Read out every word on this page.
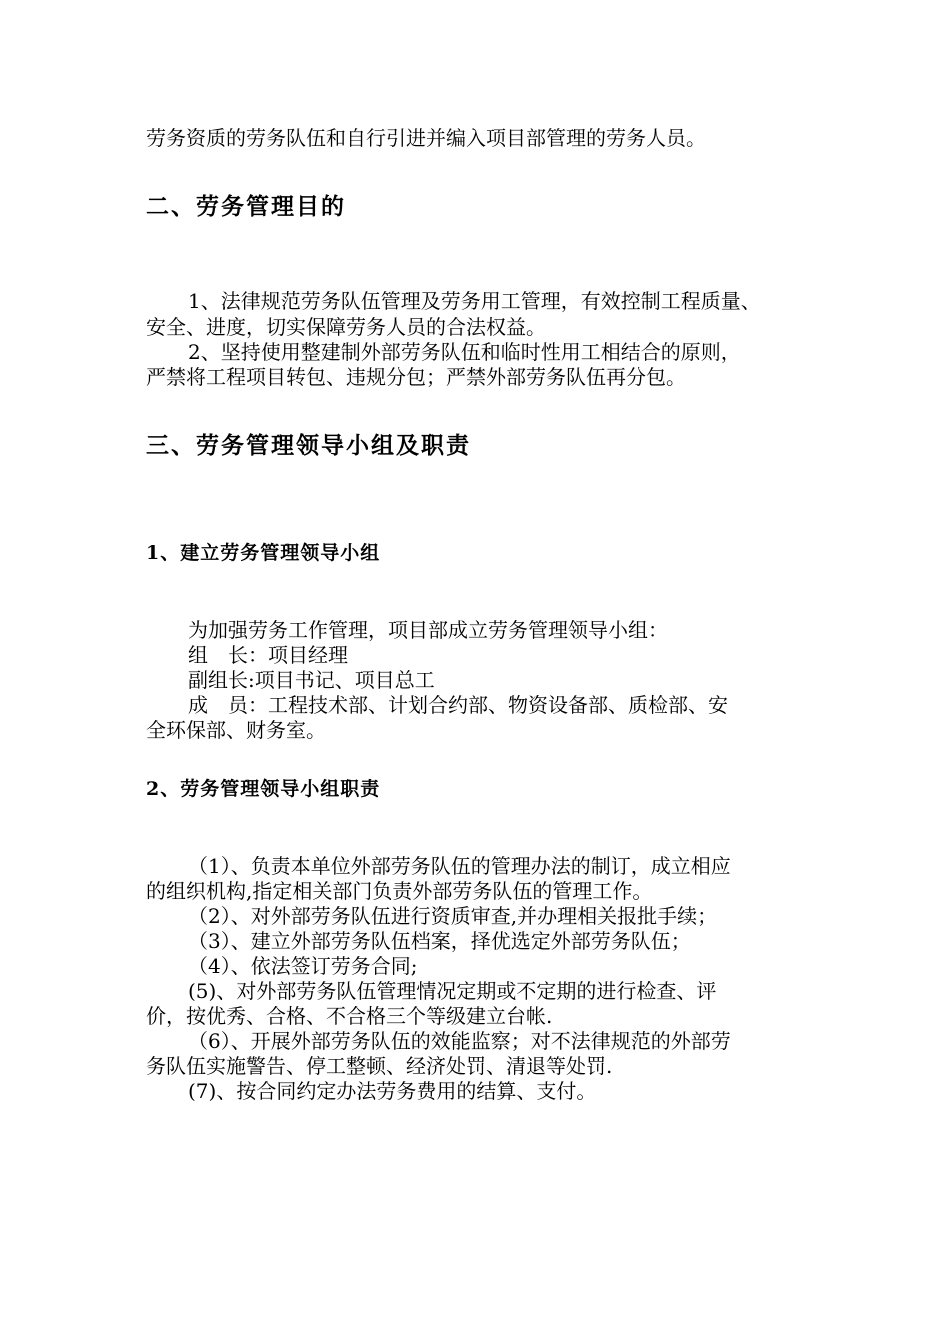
劳务资质的劳务队伍和自行引进并编入项目部管理的劳务人员。
二、劳务管理目的
1、法律规范劳务队伍管理及劳务用工管理，有效控制工程质量、
安全、进度，切实保障劳务人员的合法权益。
2、坚持使用整建制外部劳务队伍和临时性用工相结合的原则，
严禁将工程项目转包、违规分包；严禁外部劳务队伍再分包。
三、劳务管理领导小组及职责
1、建立劳务管理领导小组
为加强劳务工作管理，项目部成立劳务管理领导小组：
组　长：项目经理
副组长:项目书记、项目总工
成　员：工程技术部、计划合约部、物资设备部、质检部、安
全环保部、财务室。
2、劳务管理领导小组职责
（1）、负责本单位外部劳务队伍的管理办法的制订，成立相应
的组织机构,指定相关部门负责外部劳务队伍的管理工作。
（2）、对外部劳务队伍进行资质审查,并办理相关报批手续；
（3）、建立外部劳务队伍档案，择优选定外部劳务队伍；
（4）、依法签订劳务合同;
(5)、对外部劳务队伍管理情况定期或不定期的进行检查、评
价，按优秀、合格、不合格三个等级建立台帐.
（6）、开展外部劳务队伍的效能监察；对不法律规范的外部劳
务队伍实施警告、停工整顿、经济处罚、清退等处罚.
(7)、按合同约定办法劳务费用的结算、支付。
